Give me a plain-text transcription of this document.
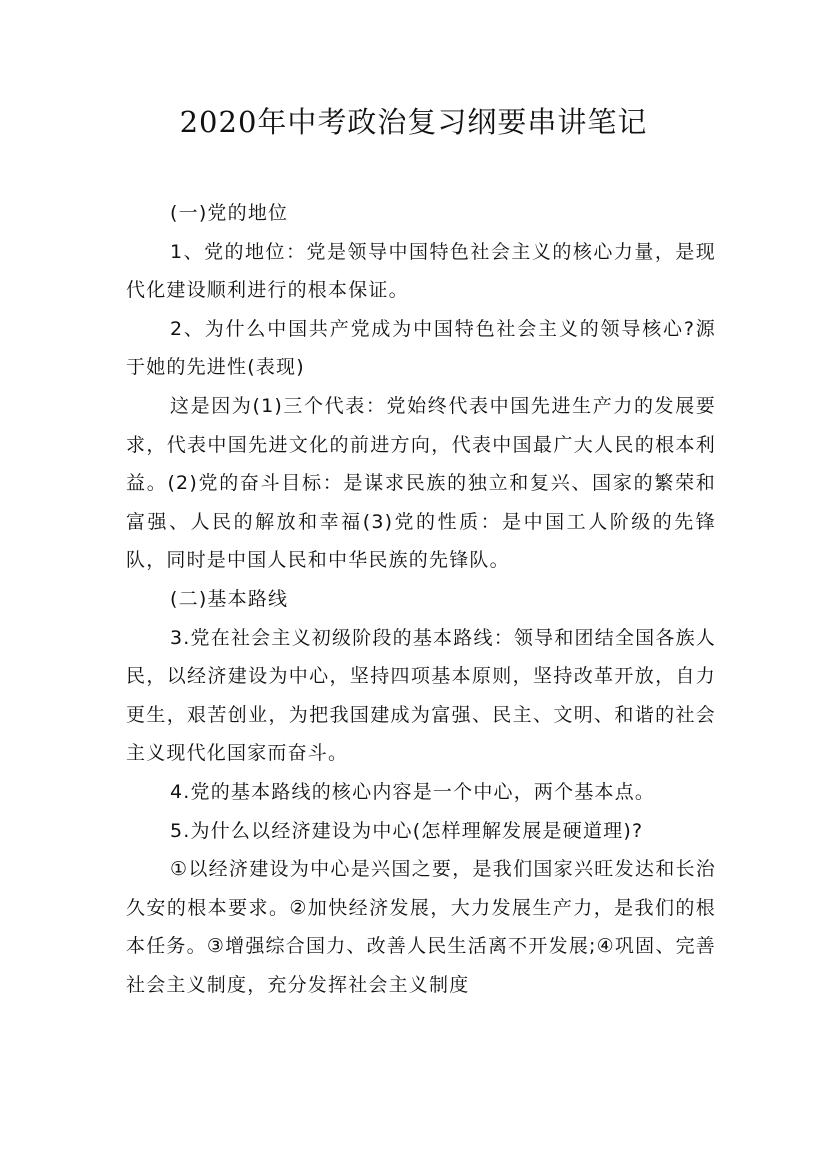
2020年中考政治复习纲要串讲笔记

(一)党的地位

1、党的地位：党是领导中国特色社会主义的核心力量，是现代化建设顺利进行的根本保证。

2、为什么中国共产党成为中国特色社会主义的领导核心?源于她的先进性(表现)

这是因为(1)三个代表：党始终代表中国先进生产力的发展要求，代表中国先进文化的前进方向，代表中国最广大人民的根本利益。(2)党的奋斗目标：是谋求民族的独立和复兴、国家的繁荣和富强、人民的解放和幸福(3)党的性质：是中国工人阶级的先锋队，同时是中国人民和中华民族的先锋队。

(二)基本路线

3.党在社会主义初级阶段的基本路线：领导和团结全国各族人民，以经济建设为中心，坚持四项基本原则，坚持改革开放，自力更生，艰苦创业，为把我国建成为富强、民主、文明、和谐的社会主义现代化国家而奋斗。

4.党的基本路线的核心内容是一个中心，两个基本点。

5.为什么以经济建设为中心(怎样理解发展是硬道理)?

①以经济建设为中心是兴国之要，是我们国家兴旺发达和长治久安的根本要求。②加快经济发展，大力发展生产力，是我们的根本任务。③增强综合国力、改善人民生活离不开发展;④巩固、完善社会主义制度，充分发挥社会主义制度
